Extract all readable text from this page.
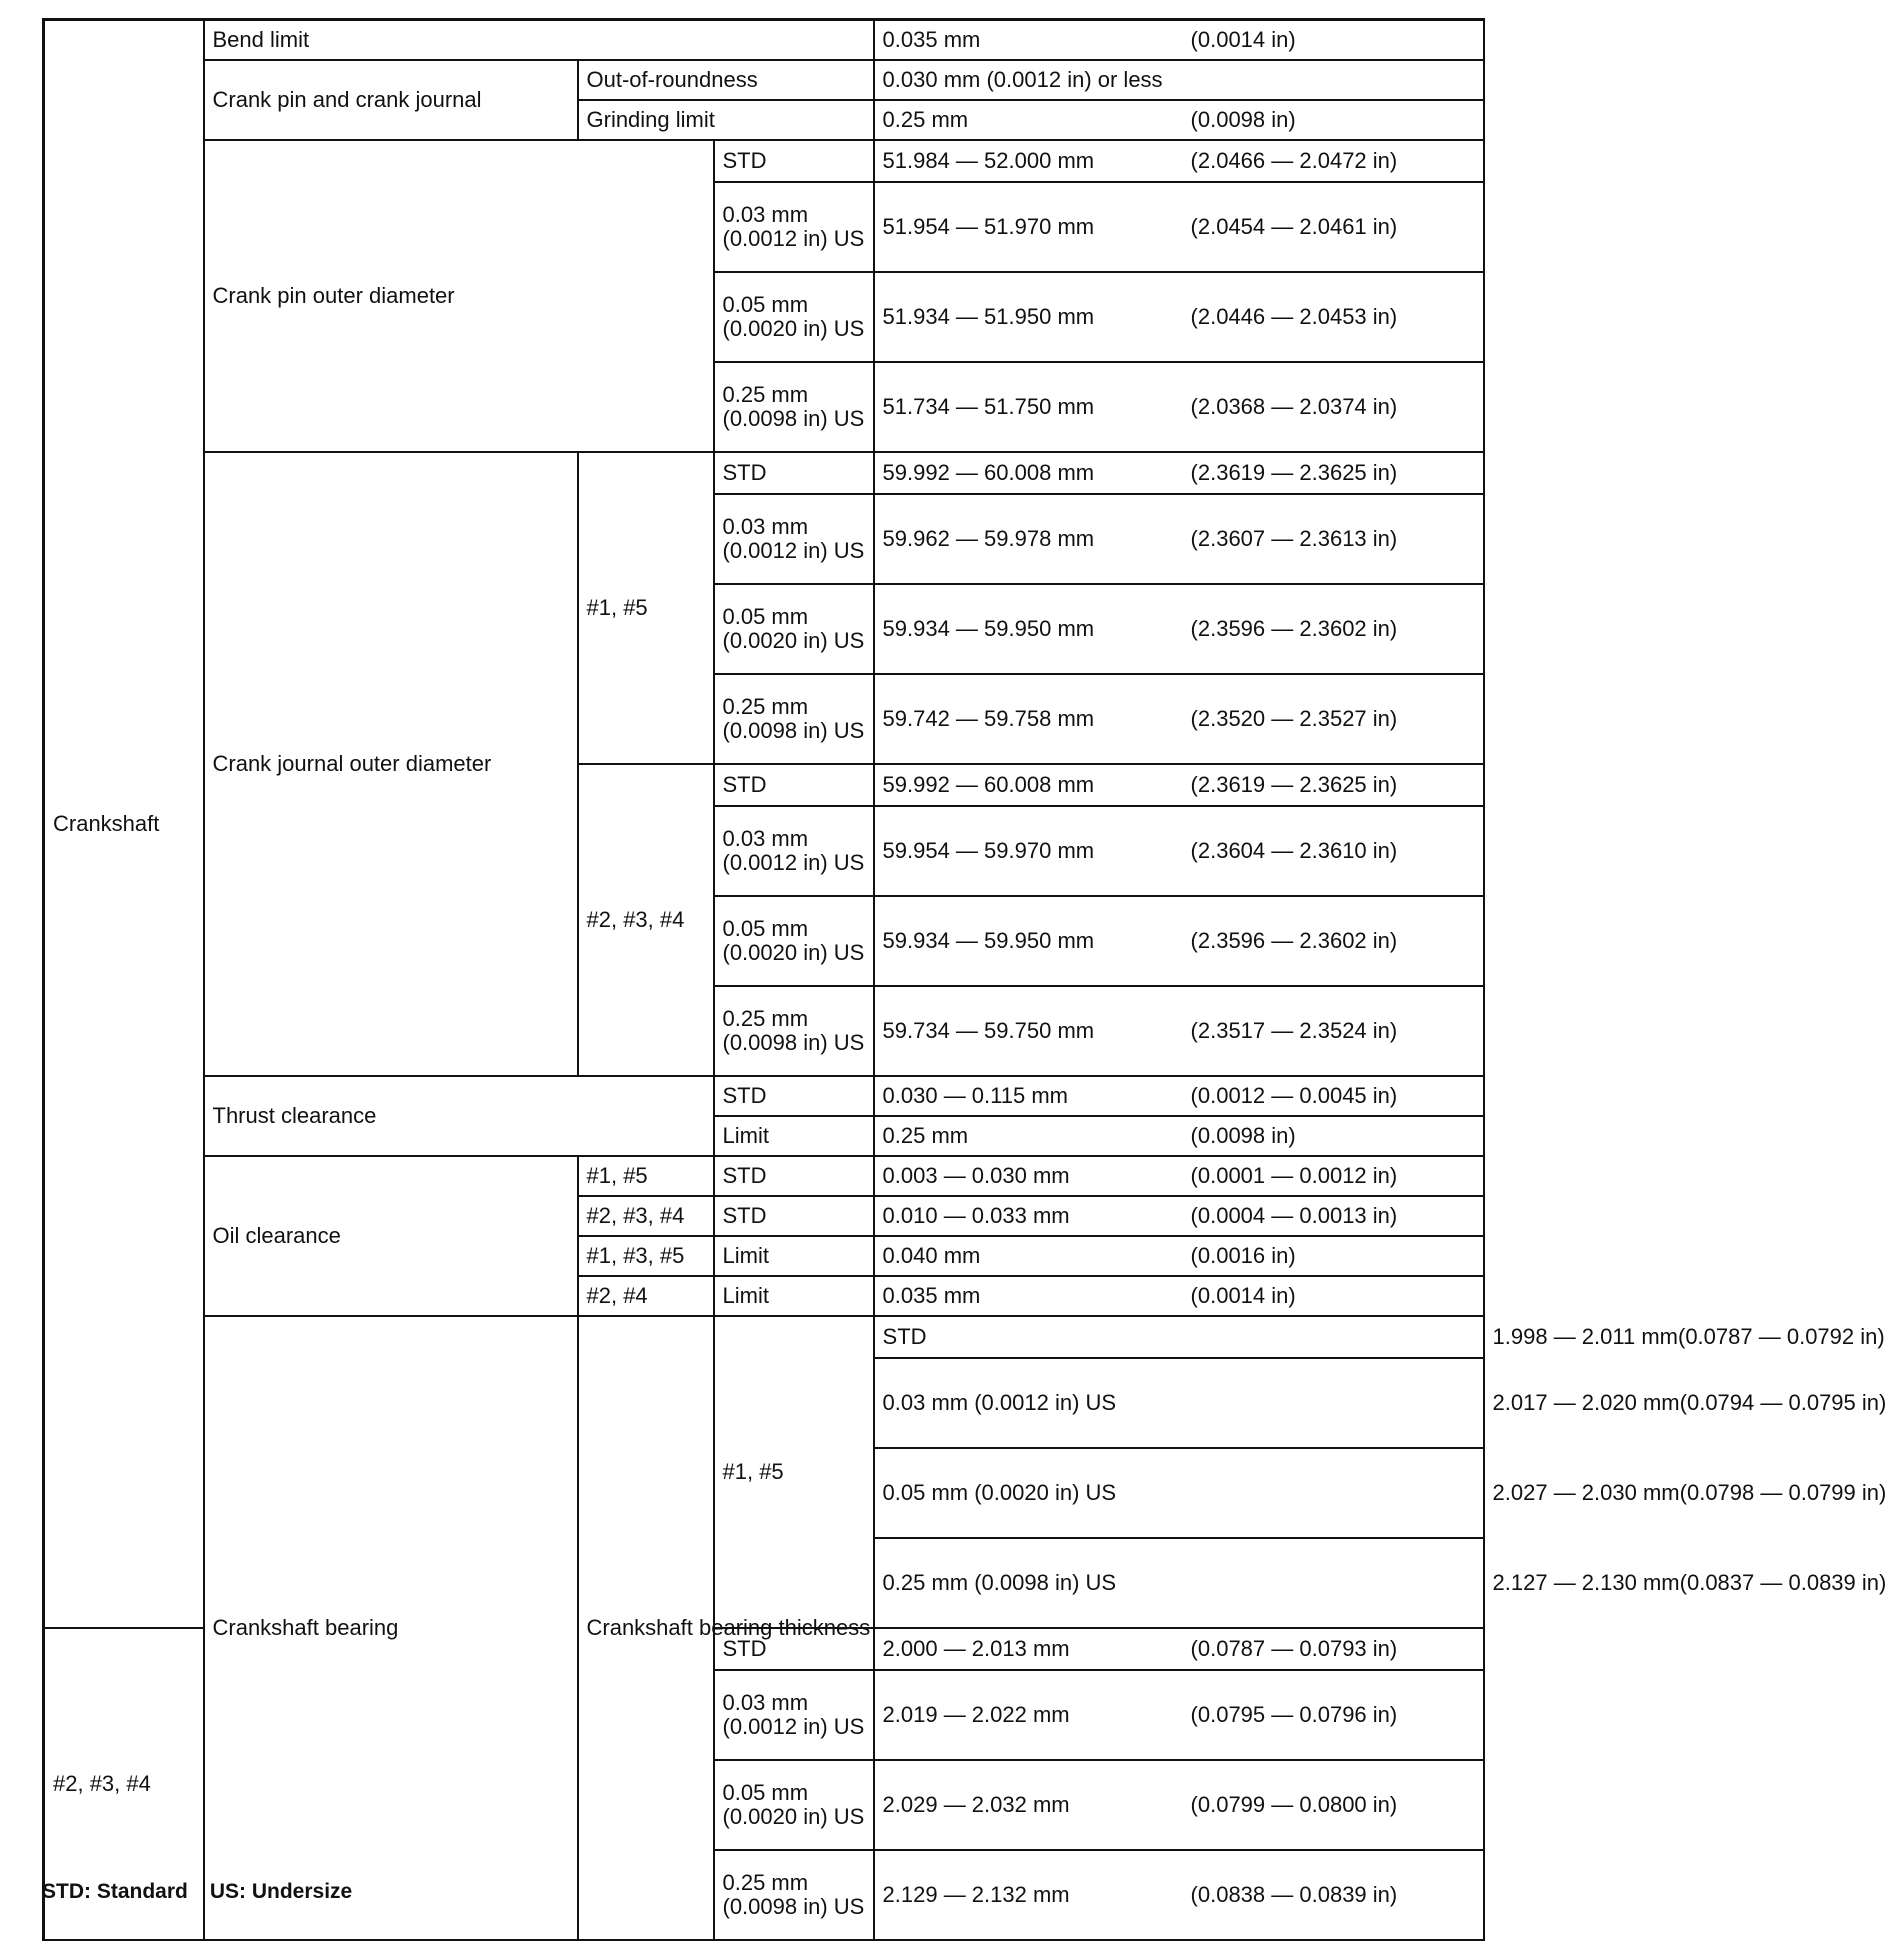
Crankshaft	Bend limit			0.035 mm (0.0014 in)	

	Crank pin and crank journal	Out-of-roundness		0.030 mm (0.0012 in) or less	
		Grinding limit		0.25 mm (0.0098 in)	

	Crank pin outer diameter		STD	51.984 — 52.000 mm (2.0466 — 2.0472 in)	

			0.03 mm (0.0012 in) US	51.954 — 51.970 mm (2.0454 — 2.0461 in)	

			0.05 mm (0.0020 in) US	51.934 — 51.950 mm (2.0446 — 2.0453 in)	

			0.25 mm (0.0098 in) US	51.734 — 51.750 mm (2.0368 — 2.0374 in)	

	Crank journal outer diameter	#1, #5	STD	59.992 — 60.008 mm (2.3619 — 2.3625 in)	

			0.03 mm (0.0012 in) US	59.962 — 59.978 mm (2.3607 — 2.3613 in)	

			0.05 mm (0.0020 in) US	59.934 — 59.950 mm (2.3596 — 2.3602 in)	

			0.25 mm (0.0098 in) US	59.742 — 59.758 mm (2.3520 — 2.3527 in)	

		#2, #3, #4	STD	59.992 — 60.008 mm (2.3619 — 2.3625 in)	

			0.03 mm (0.0012 in) US	59.954 — 59.970 mm (2.3604 — 2.3610 in)	

			0.05 mm (0.0020 in) US	59.934 — 59.950 mm (2.3596 — 2.3602 in)	

			0.25 mm (0.0098 in) US	59.734 — 59.750 mm (2.3517 — 2.3524 in)	

	Thrust clearance		STD	0.030 — 0.115 mm (0.0012 — 0.0045 in)	

			Limit	0.25 mm (0.0098 in)	

	Oil clearance	#1, #5	STD	0.003 — 0.030 mm (0.0001 — 0.0012 in)	

		#2, #3, #4	STD	0.010 — 0.033 mm (0.0004 — 0.0013 in)	

		#1, #3, #5	Limit	0.040 mm (0.0016 in)	

		#2, #4	Limit	0.035 mm (0.0014 in)	

	Crankshaft bearing	Crankshaft bearing thickness	#1, #5	STD	1.998 — 2.011 mm (0.0787 — 0.0792 in)

				0.03 mm (0.0012 in) US	2.017 — 2.020 mm (0.0794 — 0.0795 in)

				0.05 mm (0.0020 in) US	2.027 — 2.030 mm (0.0798 — 0.0799 in)

				0.25 mm (0.0098 in) US	2.127 — 2.130 mm (0.0837 — 0.0839 in)

#2, #3, #4			STD	2.000 — 2.013 mm (0.0787 — 0.0793 in)	

			0.03 mm (0.0012 in) US	2.019 — 2.022 mm (0.0795 — 0.0796 in)	

			0.05 mm (0.0020 in) US	2.029 — 2.032 mm (0.0799 — 0.0800 in)	

			0.25 mm (0.0098 in) US	2.129 — 2.132 mm (0.0838 — 0.0839 in)	
STD: Standard US: Undersize
